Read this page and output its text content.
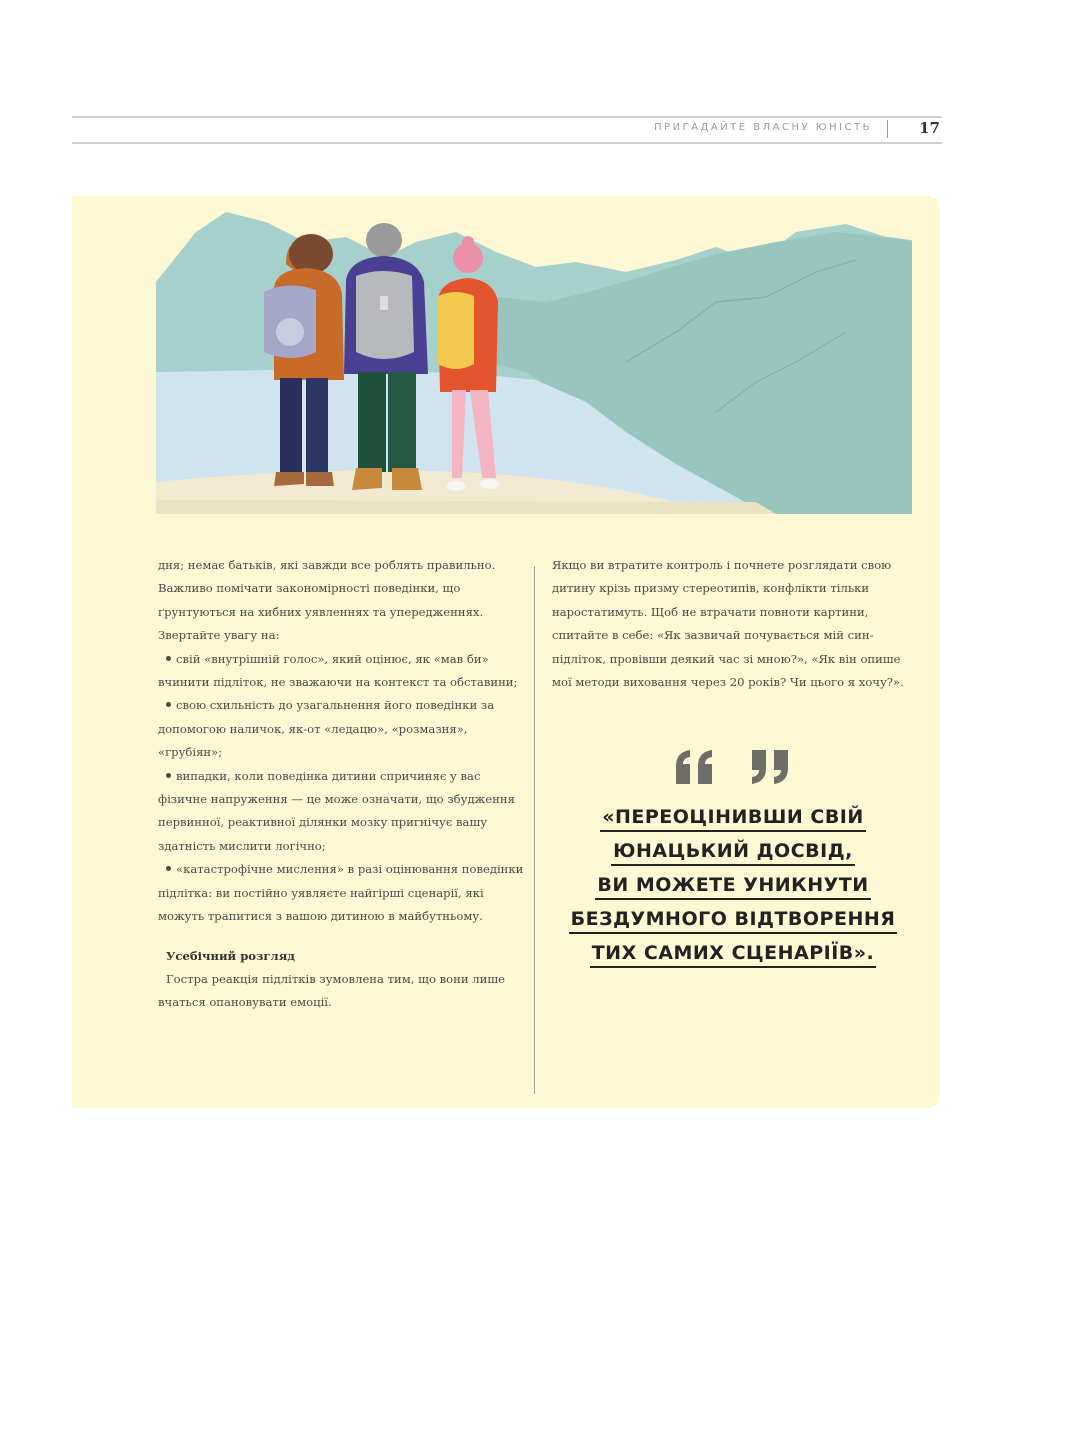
ПРИГАДАЙТЕ ВЛАСНУ ЮНІСТЬ	17

дня; немає батьків, які завжди все роблять правильно. Важливо помічати закономірності поведінки, що ґрунтуються на хибних уявленнях та упередженнях. Звертайте увагу на:

свій «внутрішній голос», який оцінює, як «мав би» вчинити підліток, не зважаючи на контекст та обставини;

свою схильність до узагальнення його поведінки за допомогою наличок, як-от «ледацю», «розмазня», «грубіян»;

випадки, коли поведінка дитини спричиняє у вас фізичне напруження — це може означати, що збудження первинної, реактивної ділянки мозку пригнічує вашу здатність мислити логічно;

«катастрофічне мислення» в разі оцінювання поведінки підлітка: ви постійно уявляєте найгірші сценарії, які можуть трапитися з вашою дитиною в майбутньому.

Усебічний розгляд

Гостра реакція підлітків зумовлена тим, що вони лише вчаться опановувати емоції.

Якщо ви втратите контроль і почнете розглядати свою дитину крізь призму стереотипів, конфлікти тільки наростатимуть. Щоб не втрачати повноти картини, спитайте в себе: «Як зазвичай почувається мій син-підліток, провівши деякий час зі мною?», «Як він опише мої методи виховання через 20 років? Чи цього я хочу?».

«ПЕРЕОЦІНИВШИ СВІЙ
ЮНАЦЬКИЙ ДОСВІД,
ВИ МОЖЕТЕ УНИКНУТИ
БЕЗДУМНОГО ВІДТВОРЕННЯ
ТИХ САМИХ СЦЕНАРІЇВ».
